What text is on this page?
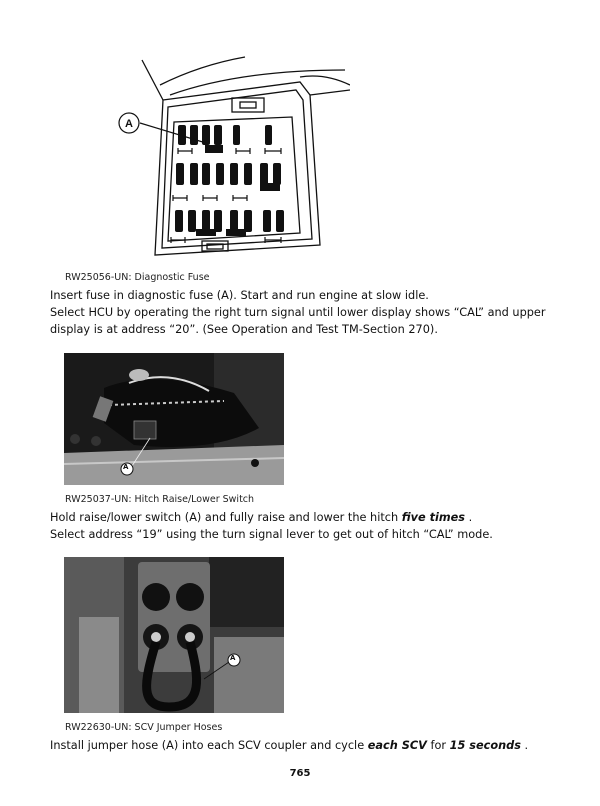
A
RW25056-UN: Diagnostic Fuse
Insert fuse in diagnostic fuse (A). Start and run engine at slow idle.
Select HCU by operating the right turn signal until lower display shows “CAL” and upper
display is at address “20”. (See Operation and Test TM-Section 270).
A
RW25037-UN: Hitch Raise/Lower Switch
Hold raise/lower switch (A) and fully raise and lower the hitch five times .
Select address “19” using the turn signal lever to get out of hitch “CAL” mode.
A
RW22630-UN: SCV Jumper Hoses
Install jumper hose (A) into each SCV coupler and cycle each SCV for 15 seconds .
765
